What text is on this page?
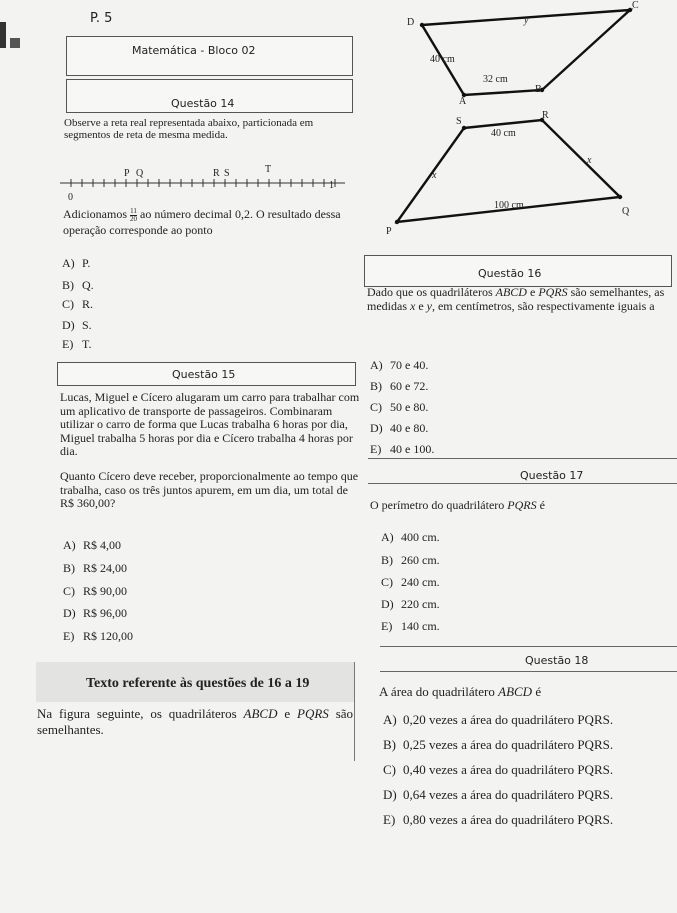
P. 5
Matemática - Bloco 02
Questão 14
Observe a reta real representada abaixo, particionada em segmentos de reta de mesma medida.
P Q	R S	T
0
1
Adicionamos $\frac{11}{20}$ ao número decimal 0,2. O resultado dessa operação corresponde ao ponto
A) P.
B) Q.
C) R.
D) S.
E) T.
D
C
B
A
S
R
Q
P
y
40 cm
32 cm
40 cm
x
x
100 cm
Questão 16
Dado que os quadriláteros ABCD e PQRS são semelhantes, as medidas x e y, em centímetros, são respectivamente iguais a
A) 70 e 40.
B) 60 e 72.
C) 50 e 80.
D) 40 e 80.
E) 40 e 100.
Questão 15
Lucas, Miguel e Cícero alugaram um carro para trabalhar com um aplicativo de transporte de passageiros. Combinaram utilizar o carro de forma que Lucas trabalha 6 horas por dia, Miguel trabalha 5 horas por dia e Cícero trabalha 4 horas por dia.
Quanto Cícero deve receber, proporcionalmente ao tempo que trabalha, caso os três juntos apurem, em um dia, um total de R$ 360,00?
A) R$ 4,00
B) R$ 24,00
C) R$ 90,00
D) R$ 96,00
E) R$ 120,00
Questão 17
O perímetro do quadrilátero PQRS é
A) 400 cm.
B) 260 cm.
C) 240 cm.
D) 220 cm.
E) 140 cm.
Texto referente às questões de 16 a 19
Na figura seguinte, os quadriláteros ABCD e PQRS são semelhantes.
Questão 18
A área do quadrilátero ABCD é
A) 0,20 vezes a área do quadrilátero PQRS.
B) 0,25 vezes a área do quadrilátero PQRS.
C) 0,40 vezes a área do quadrilátero PQRS.
D) 0,64 vezes a área do quadrilátero PQRS.
E) 0,80 vezes a área do quadrilátero PQRS.
